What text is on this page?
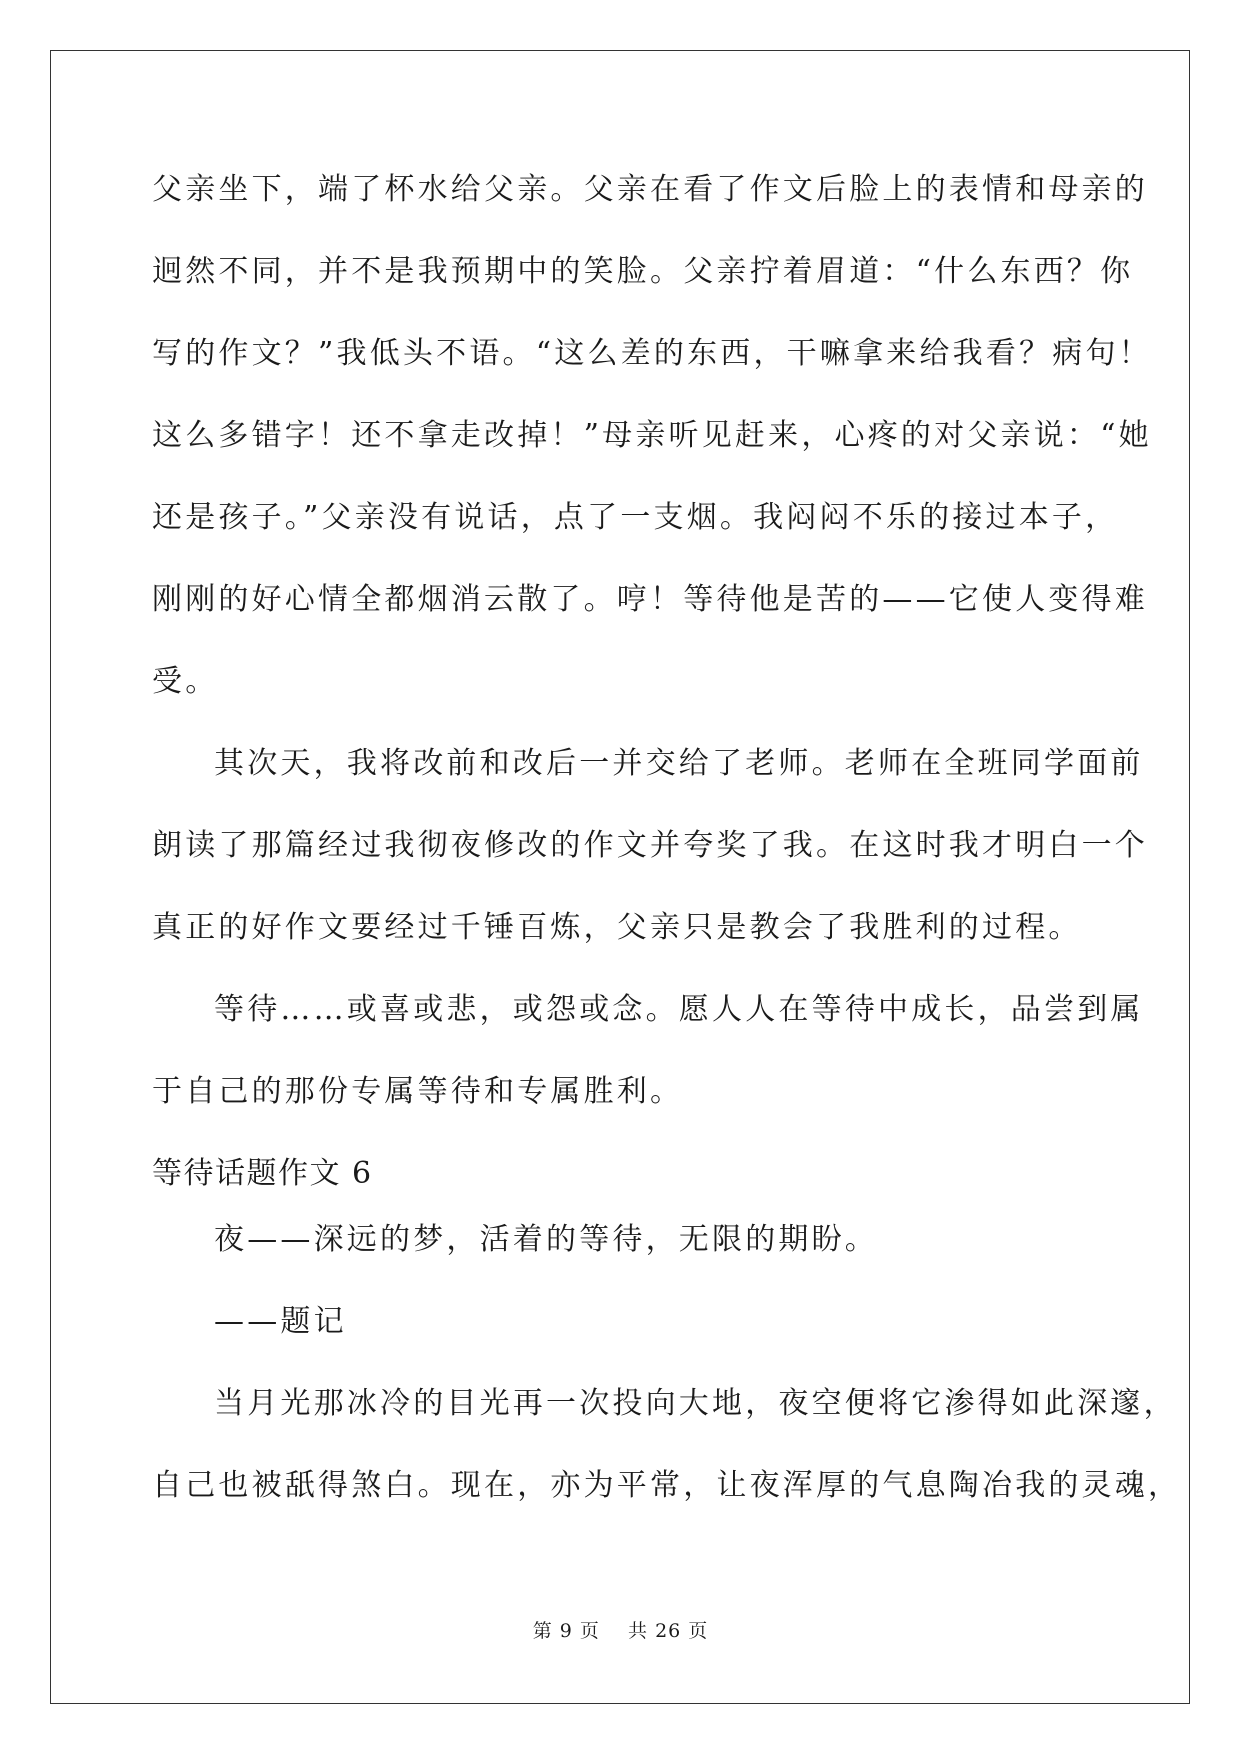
父亲坐下，端了杯水给父亲。父亲在看了作文后脸上的表情和母亲的
迥然不同，并不是我预期中的笑脸。父亲拧着眉道：“什么东西？你
写的作文？”我低头不语。“这么差的东西，干嘛拿来给我看？病句！
这么多错字！还不拿走改掉！”母亲听见赶来，心疼的对父亲说：“她
还是孩子。”父亲没有说话，点了一支烟。我闷闷不乐的接过本子，
刚刚的好心情全都烟消云散了。哼！等待他是苦的——它使人变得难
受。
其次天，我将改前和改后一并交给了老师。老师在全班同学面前
朗读了那篇经过我彻夜修改的作文并夸奖了我。在这时我才明白一个
真正的好作文要经过千锤百炼，父亲只是教会了我胜利的过程。
等待……或喜或悲，或怨或念。愿人人在等待中成长，品尝到属
于自己的那份专属等待和专属胜利。
等待话题作文 6
夜——深远的梦，活着的等待，无限的期盼。
——题记
当月光那冰冷的目光再一次投向大地，夜空便将它渗得如此深邃，
自己也被舐得煞白。现在，亦为平常，让夜浑厚的气息陶冶我的灵魂，
第 9 页 共 26 页
